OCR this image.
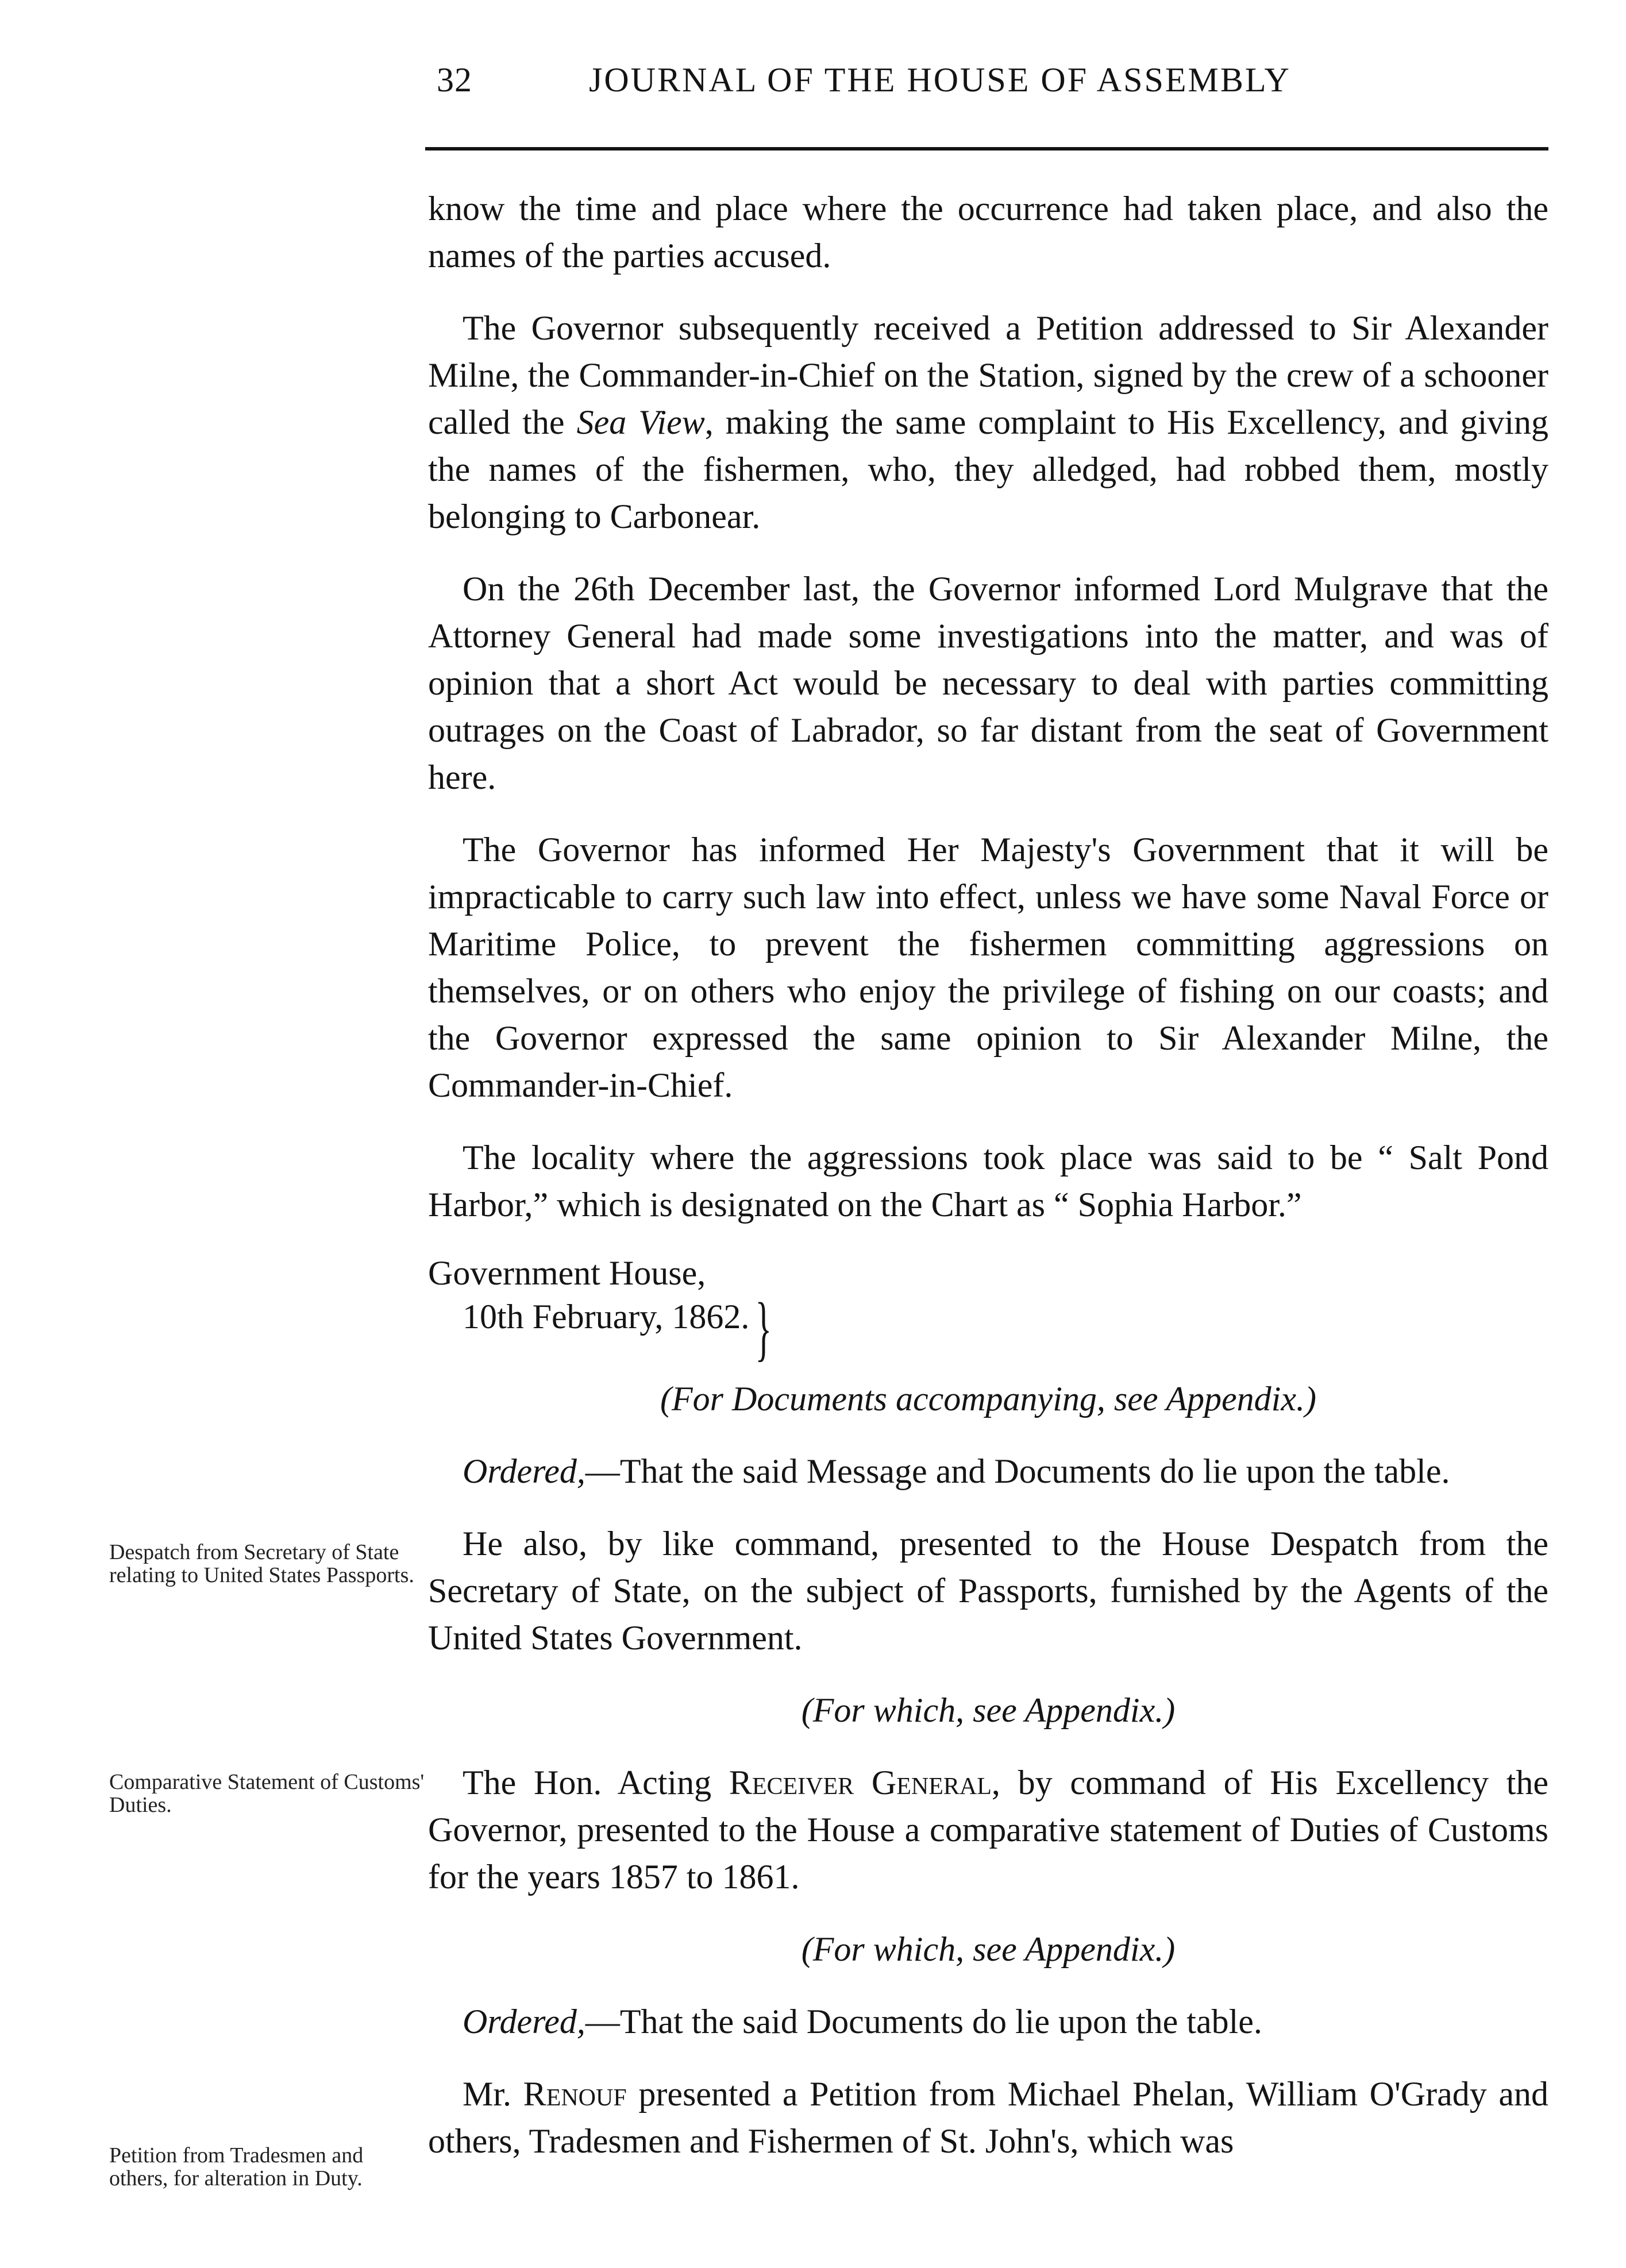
32	JOURNAL OF THE HOUSE OF ASSEMBLY

know the time and place where the occurrence had taken place, and also the names of the parties accused.

The Governor subsequently received a Petition addressed to Sir Alexander Milne, the Commander-in-Chief on the Station, signed by the crew of a schooner called the Sea View, making the same complaint to His Excellency, and giving the names of the fishermen, who, they alledged, had robbed them, mostly belonging to Carbonear.

On the 26th December last, the Governor informed Lord Mulgrave that the Attorney General had made some investigations into the matter, and was of opinion that a short Act would be necessary to deal with parties committing outrages on the Coast of Labrador, so far distant from the seat of Government here.

The Governor has informed Her Majesty's Government that it will be impracticable to carry such law into effect, unless we have some Naval Force or Maritime Police, to prevent the fishermen committing aggressions on themselves, or on others who enjoy the privilege of fishing on our coasts; and the Governor expressed the same opinion to Sir Alexander Milne, the Commander-in-Chief.

The locality where the aggressions took place was said to be “ Salt Pond Harbor,” which is designated on the Chart as “ Sophia Harbor.”

Government House,
10th February, 1862. }

(For Documents accompanying, see Appendix.)

Ordered,—That the said Message and Documents do lie upon the table.

He also, by like command, presented to the House Despatch from the Secretary of State, on the subject of Passports, furnished by the Agents of the United States Government.

(For which, see Appendix.)

The Hon. Acting Receiver General, by command of His Excellency the Governor, presented to the House a comparative statement of Duties of Customs for the years 1857 to 1861.

(For which, see Appendix.)

Ordered,—That the said Documents do lie upon the table.

Mr. Renouf presented a Petition from Michael Phelan, William O'Grady and others, Tradesmen and Fishermen of St. John's, which was

Despatch from Secretary of State relating to United States Passports.
Comparative Statement of Customs' Duties.
Petition from Tradesmen and others, for alteration in Duty.
